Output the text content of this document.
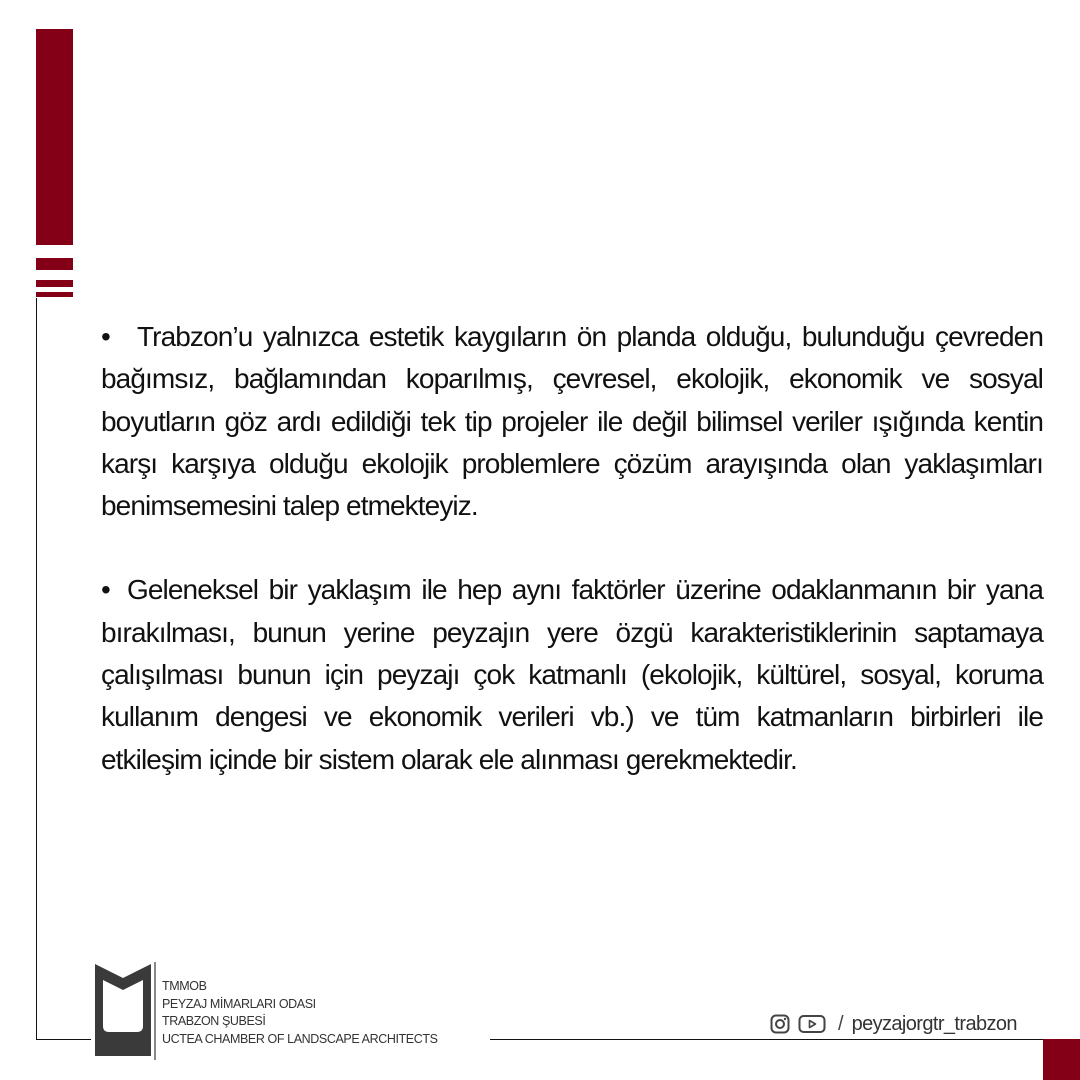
• Trabzon’u yalnızca estetik kaygıların ön planda olduğu, bulunduğu çevreden bağımsız, bağlamından koparılmış, çevresel, ekolojik, ekonomik ve sosyal boyutların göz ardı edildiği tek tip projeler ile değil bilimsel veriler ışığında kentin karşı karşıya olduğu ekolojik problemlere çözüm arayışında olan yaklaşımları benimsemesini talep etmekteyiz.

• Geleneksel bir yaklaşım ile hep aynı faktörler üzerine odaklanmanın bir yana bırakılması, bunun yerine peyzajın yere özgü karakteristiklerinin saptamaya çalışılması bunun için peyzajı çok katmanlı (ekolojik, kültürel, sosyal, koruma kullanım dengesi ve ekonomik verileri vb.) ve tüm katmanların birbirleri ile etkileşim içinde bir sistem olarak ele alınması gerekmektedir.

TMMOB
PEYZAJ MİMARLARI ODASI
TRABZON ŞUBESİ
UCTEA CHAMBER OF LANDSCAPE ARCHITECTS
/ peyzajorgtr_trabzon
